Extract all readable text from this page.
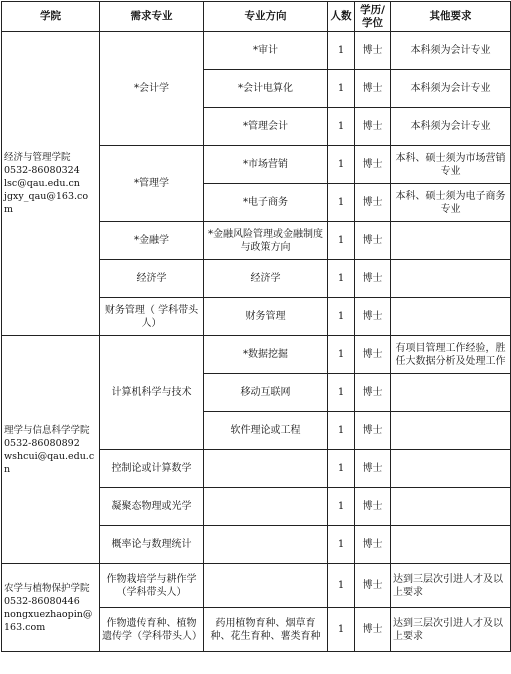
学院	需求专业	专业方向	人数	学历/学位	其他要求

经济与管理学院
0532-86080324
lsc@qau.edu.cn
jgxy_qau@163.com	*会计学	*审计	1	博士	本科须为会计专业
		*会计电算化	1	博士	本科须为会计专业
		*管理会计	1	博士	本科须为会计专业
	*管理学	*市场营销	1	博士	本科、硕士须为市场营销专业
		*电子商务	1	博士	本科、硕士须为电子商务专业
	*金融学	*金融风险管理或金融制度与政策方向	1	博士	
	经济学	经济学	1	博士	
	财务管理（ 学科带头人）	财务管理	1	博士	

理学与信息科学学院
0532-86080892
wshcui@qau.edu.cn	计算机科学与技术	*数据挖掘	1	博士	有项目管理工作经验，胜任大数据分析及处理工作
		移动互联网	1	博士	
		软件理论或工程	1	博士	
	控制论或计算数学		1	博士	
	凝聚态物理或光学		1	博士	
	概率论与数理统计		1	博士	

农学与植物保护学院
0532-86080446
nongxuezhaopin@163.com	作物栽培学与耕作学（学科带头人）		1	博士	达到三层次引进人才及以上要求
	作物遗传育种、植物遗传学（学科带头人）	药用植物育种、烟草育种、花生育种、薯类育种	1	博士	达到三层次引进人才及以上要求
